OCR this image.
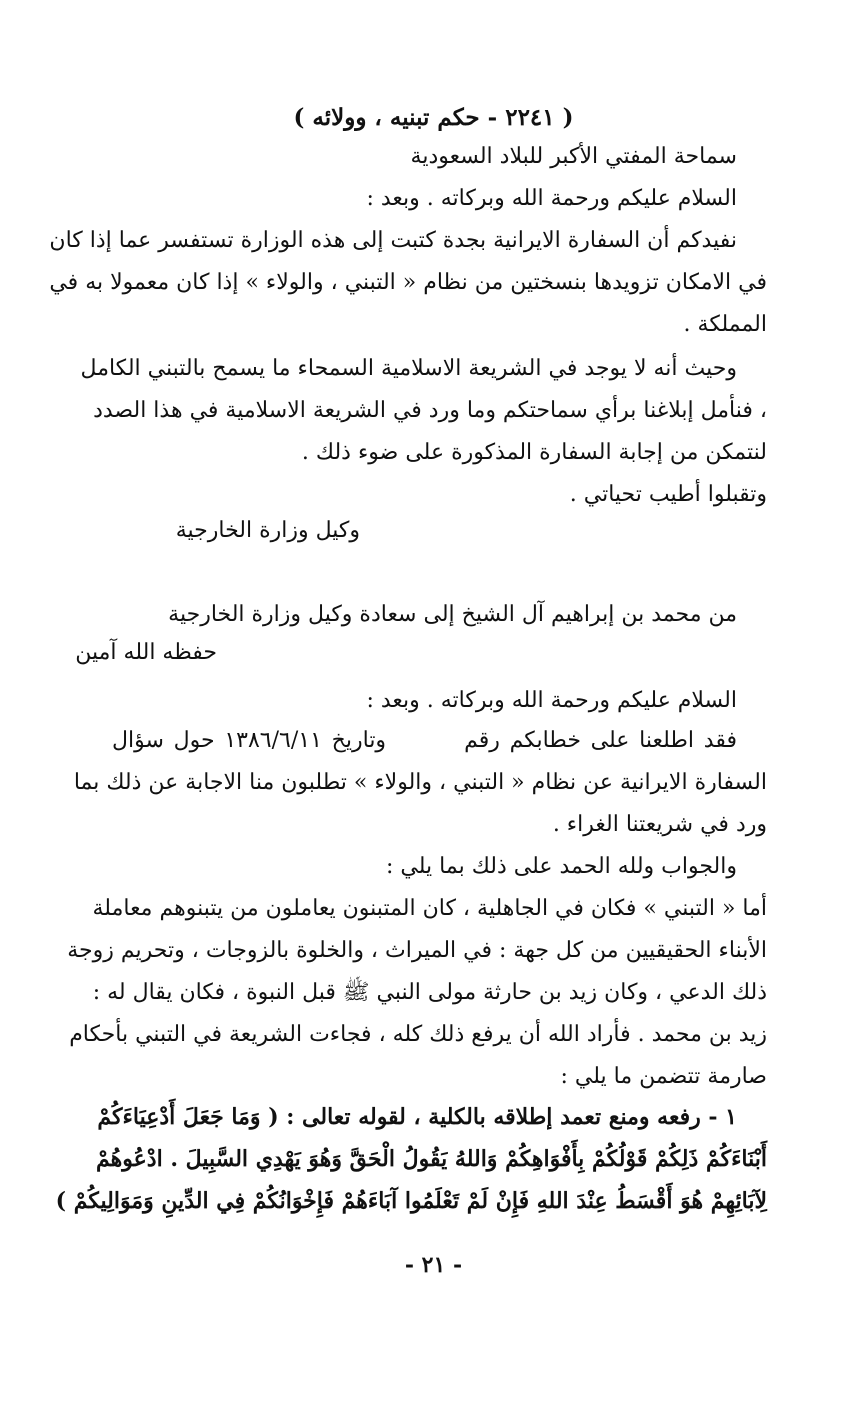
( ٢٢٤١ - حكم تبنيه ، وولائه )
سماحة المفتي الأكبر للبلاد السعودية
السلام عليكم ورحمة الله وبركاته . وبعد :
نفيدكم أن السفارة الايرانية بجدة كتبت إلى هذه الوزارة تستفسر عما إذا كان
في الامكان تزويدها بنسختين من نظام « التبني ، والولاء » إذا كان معمولا به في
المملكة .
وحيث أنه لا يوجد في الشريعة الاسلامية السمحاء ما يسمح بالتبني الكامل
، فنأمل إبلاغنا برأي سماحتكم وما ورد في الشريعة الاسلامية في هذا الصدد
لنتمكن من إجابة السفارة المذكورة على ضوء ذلك .
وتقبلوا أطيب تحياتي .
وكيل وزارة الخارجية
من محمد بن إبراهيم آل الشيخ إلى سعادة وكيل وزارة الخارجية
حفظه الله آمين
السلام عليكم ورحمة الله وبركاته . وبعد :
فقد اطلعنا على خطابكم رقم        وتاريخ ١٣٨٦/٦/١١ حول سؤال
السفارة الايرانية عن نظام « التبني ، والولاء » تطلبون منا الاجابة عن ذلك بما
ورد في شريعتنا الغراء .
والجواب ولله الحمد على ذلك بما يلي :
أما « التبني » فكان في الجاهلية ، كان المتبنون يعاملون من يتبنوهم معاملة
الأبناء الحقيقيين من كل جهة : في الميراث ، والخلوة بالزوجات ، وتحريم زوجة
ذلك الدعي ، وكان زيد بن حارثة مولى النبي ﷺ قبل النبوة ، فكان يقال له :
زيد بن محمد . فأراد الله أن يرفع ذلك كله ، فجاءت الشريعة في التبني بأحكام
صارمة تتضمن ما يلي :
١ - رفعه ومنع تعمد إطلاقه بالكلية ، لقوله تعالى : ( وَمَا جَعَلَ أَدْعِيَاءَكُمْ
أَبْنَاءَكُمْ ذَلِكُمْ قَوْلُكُمْ بِأَفْوَاهِكُمْ وَاللهُ يَقُولُ الْحَقَّ وَهُوَ يَهْدِي السَّبِيلَ . ادْعُوهُمْ
لِآبَائِهِمْ هُوَ أَقْسَطُ عِنْدَ اللهِ فَإِنْ لَمْ تَعْلَمُوا آبَاءَهُمْ فَإِخْوَانُكُمْ فِي الدِّينِ وَمَوَالِيكُمْ )
- ٢١ -
